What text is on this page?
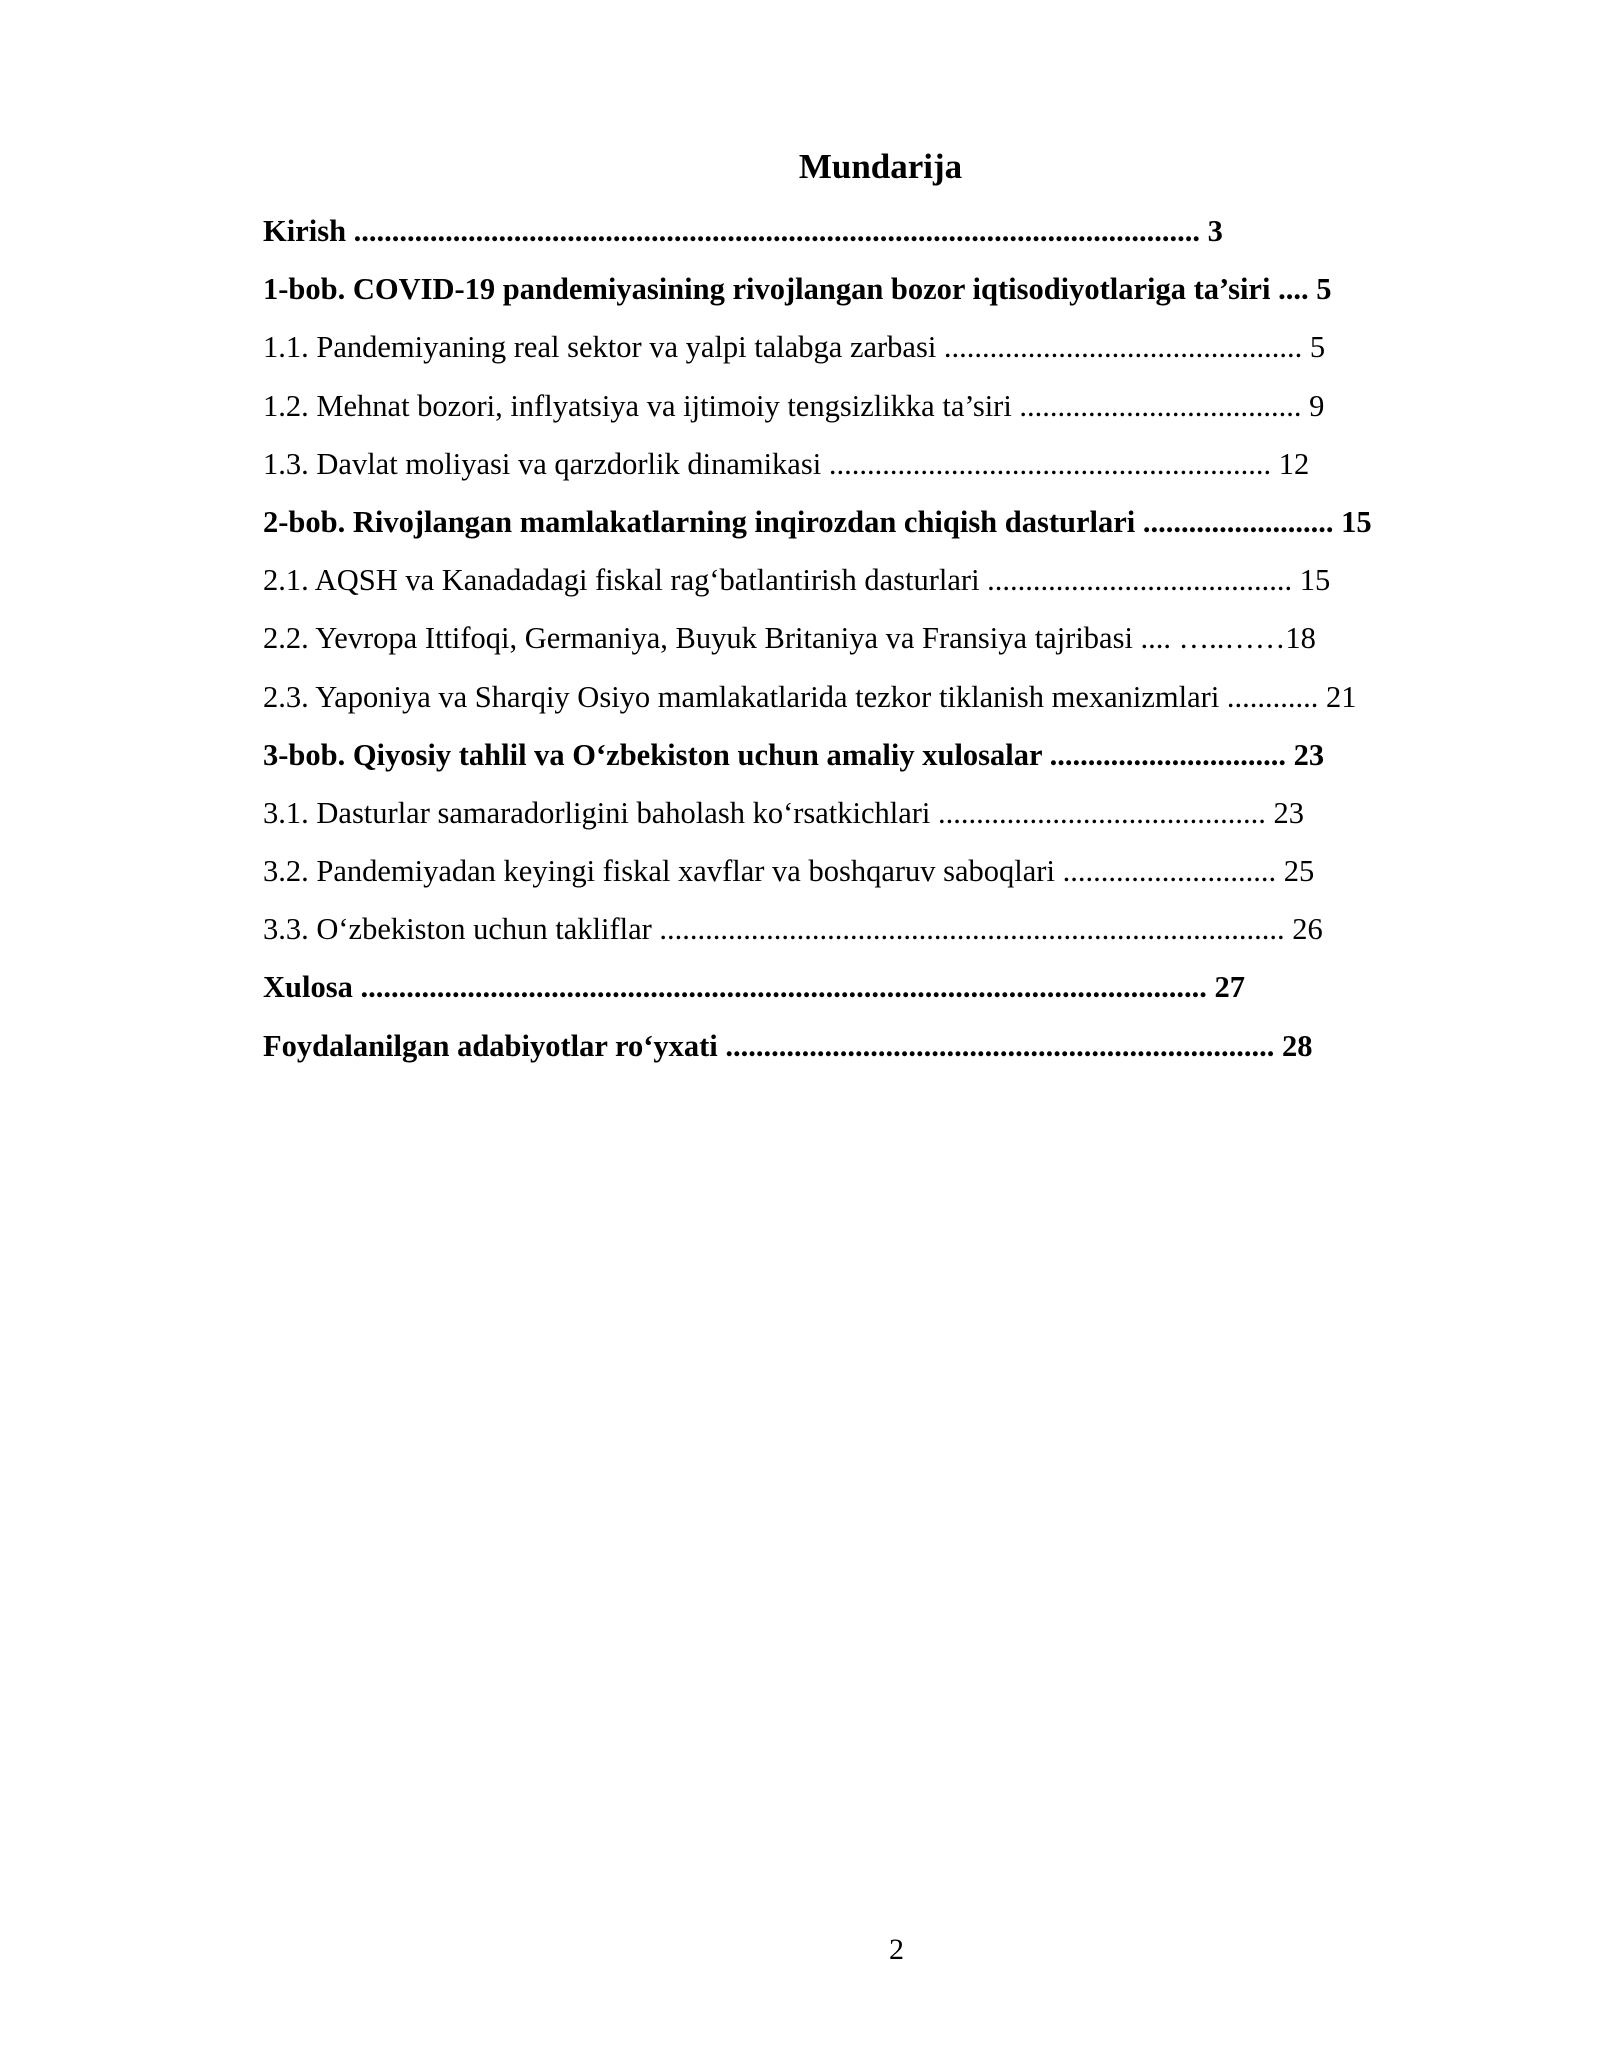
Mundarija
Kirish ............................................................................................................... 3
1-bob. COVID-19 pandemiyasining rivojlangan bozor iqtisodiyotlariga ta’siri .... 5
1.1. Pandemiyaning real sektor va yalpi talabga zarbasi ............................................... 5
1.2. Mehnat bozori, inflyatsiya va ijtimoiy tengsizlikka ta’siri ..................................... 9
1.3. Davlat moliyasi va qarzdorlik dinamikasi .......................................................... 12
2-bob. Rivojlangan mamlakatlarning inqirozdan chiqish dasturlari ......................... 15
2.1. AQSH va Kanadadagi fiskal rag‘batlantirish dasturlari ........................................ 15
2.2. Yevropa Ittifoqi, Germaniya, Buyuk Britaniya va Fransiya tajribasi .... …..……18
2.3. Yaponiya va Sharqiy Osiyo mamlakatlarida tezkor tiklanish mexanizmlari ............ 21
3-bob. Qiyosiy tahlil va O‘zbekiston uchun amaliy xulosalar ............................... 23
3.1. Dasturlar samaradorligini baholash ko‘rsatkichlari ........................................... 23
3.2. Pandemiyadan keyingi fiskal xavflar va boshqaruv saboqlari ............................ 25
3.3. O‘zbekiston uchun takliflar .................................................................................. 26
Xulosa ............................................................................................................... 27
Foydalanilgan adabiyotlar ro‘yxati ........................................................................ 28
2
